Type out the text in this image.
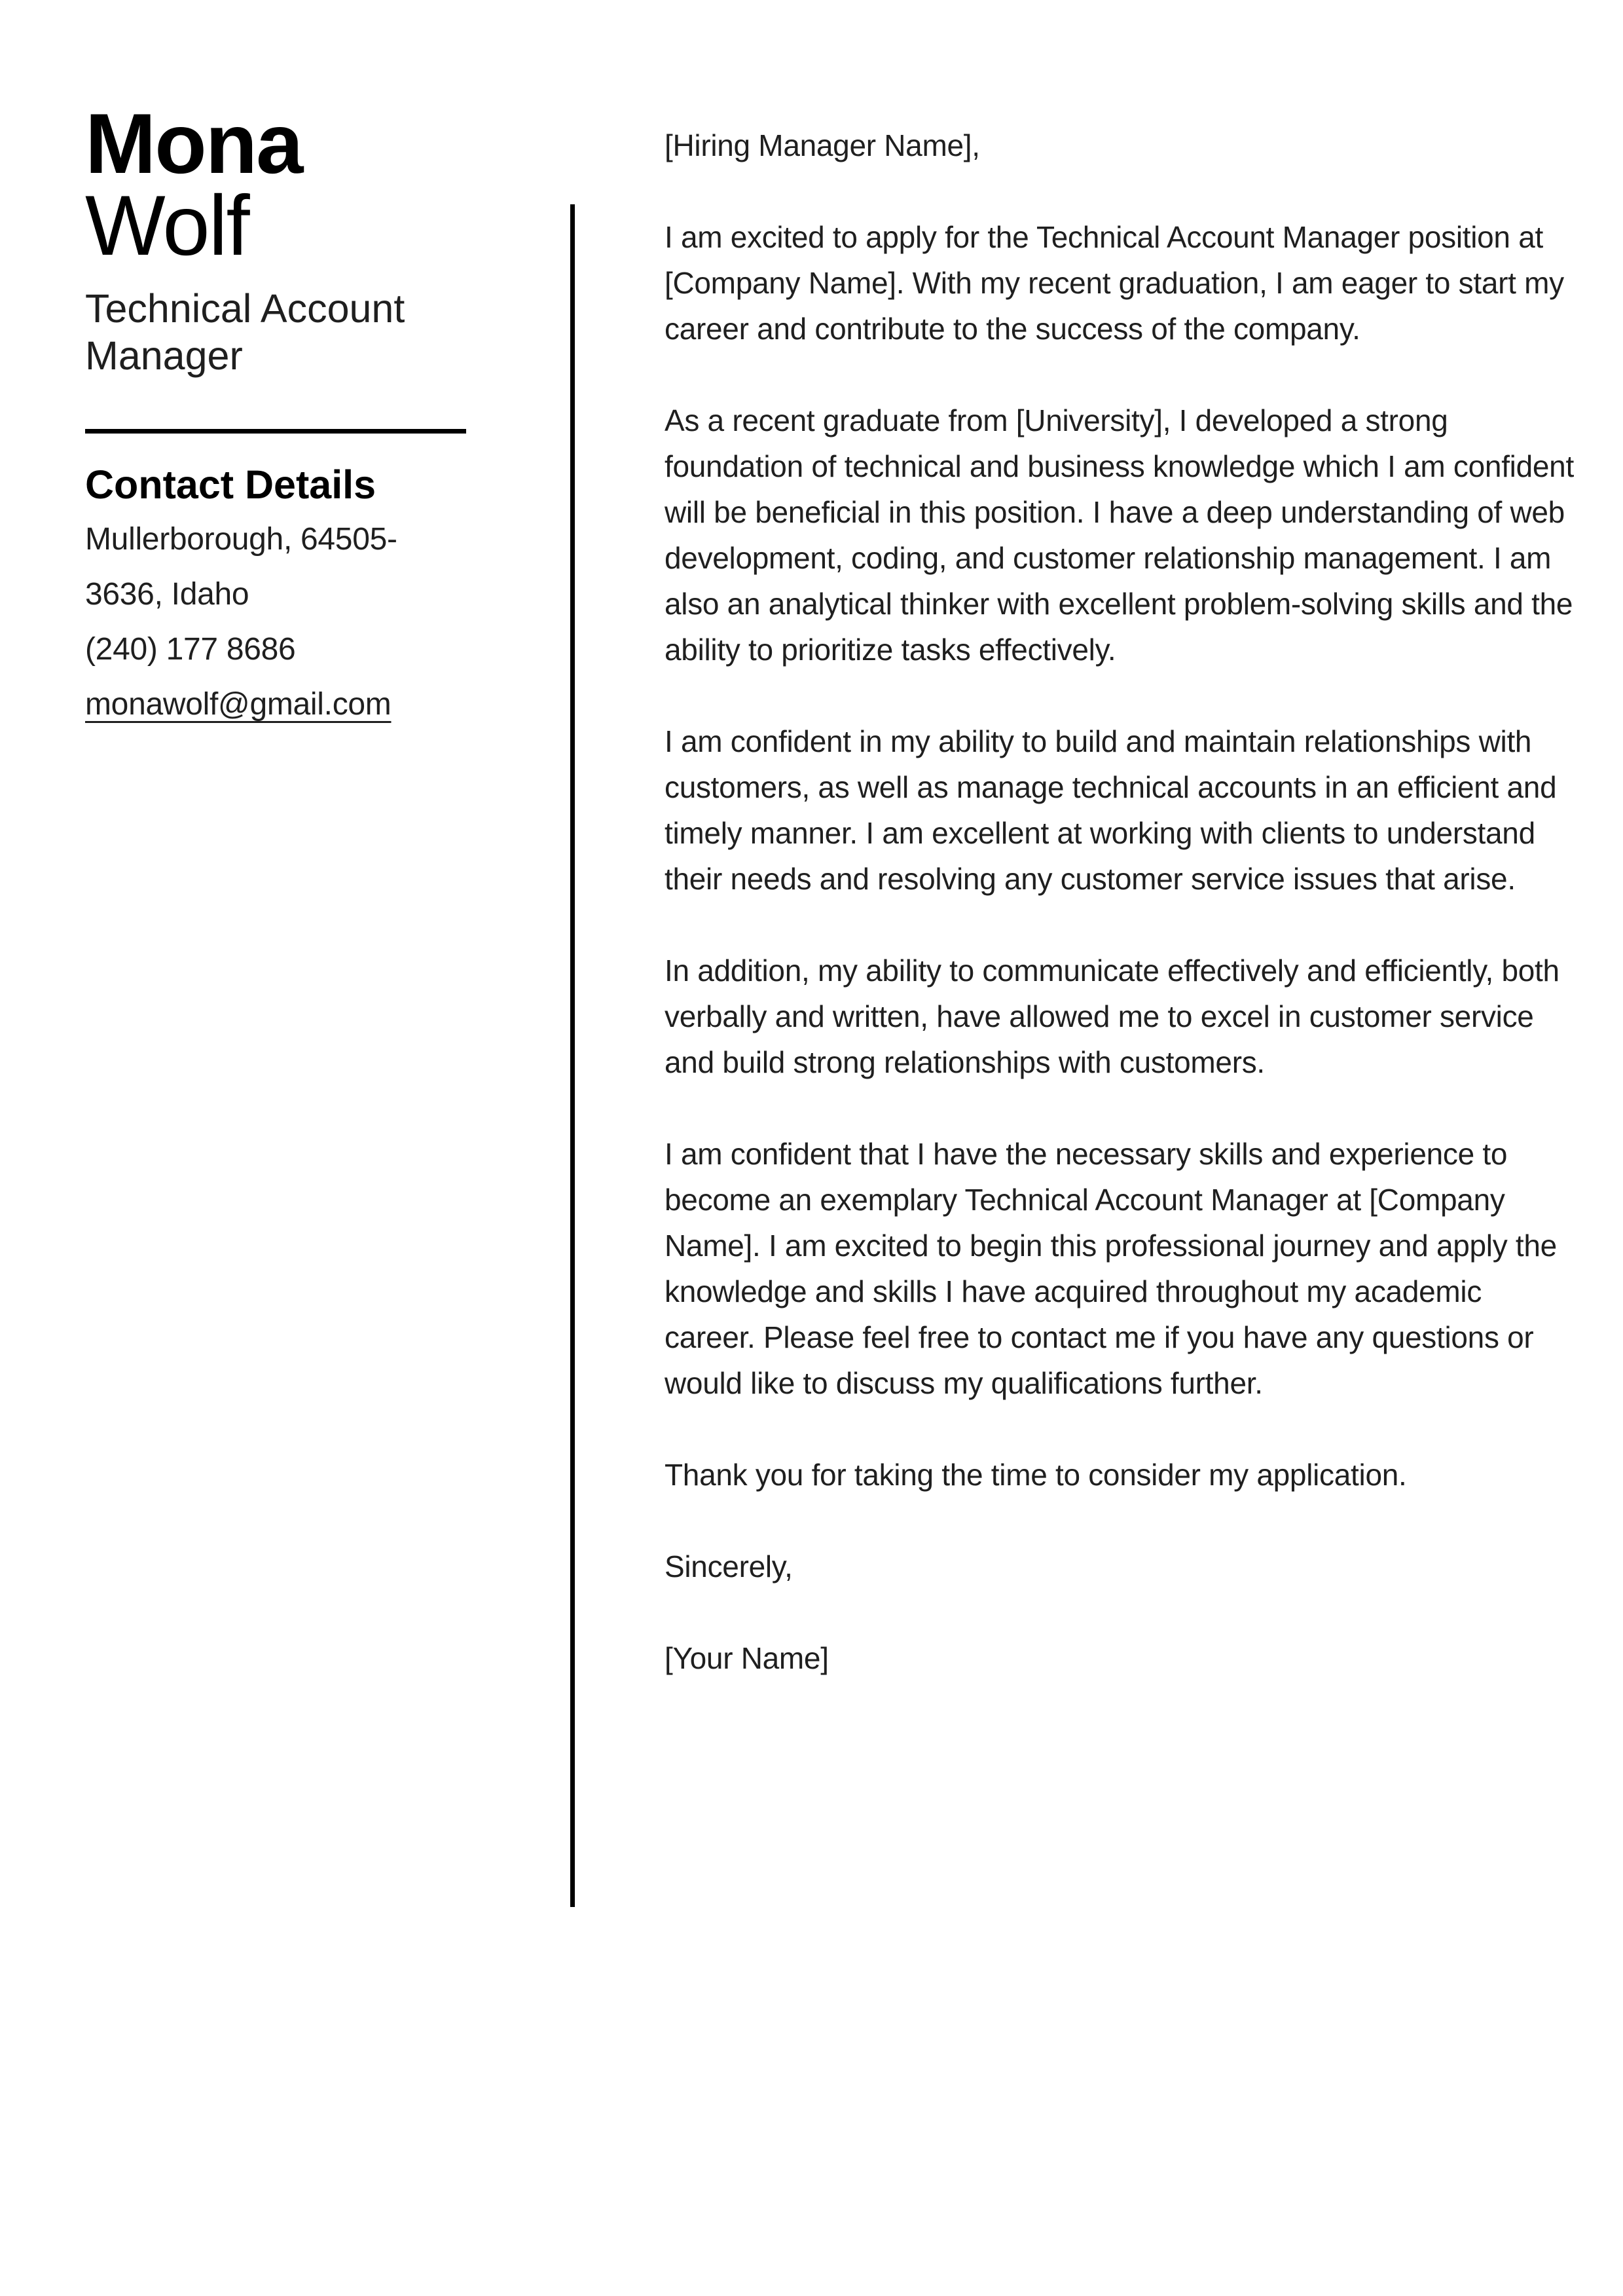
Mona
Wolf
Technical Account Manager
Contact Details
Mullerborough, 64505-
3636, Idaho
(240) 177 8686
monawolf@gmail.com
[Hiring Manager Name],

I am excited to apply for the Technical Account Manager position at [Company Name]. With my recent graduation, I am eager to start my career and contribute to the success of the company.

As a recent graduate from [University], I developed a strong foundation of technical and business knowledge which I am confident will be beneficial in this position. I have a deep understanding of web development, coding, and customer relationship management. I am also an analytical thinker with excellent problem-solving skills and the ability to prioritize tasks effectively.

I am confident in my ability to build and maintain relationships with customers, as well as manage technical accounts in an efficient and timely manner. I am excellent at working with clients to understand their needs and resolving any customer service issues that arise.

In addition, my ability to communicate effectively and efficiently, both verbally and written, have allowed me to excel in customer service and build strong relationships with customers.

I am confident that I have the necessary skills and experience to become an exemplary Technical Account Manager at [Company Name]. I am excited to begin this professional journey and apply the knowledge and skills I have acquired throughout my academic career. Please feel free to contact me if you have any questions or would like to discuss my qualifications further.

Thank you for taking the time to consider my application.

Sincerely,

[Your Name]
